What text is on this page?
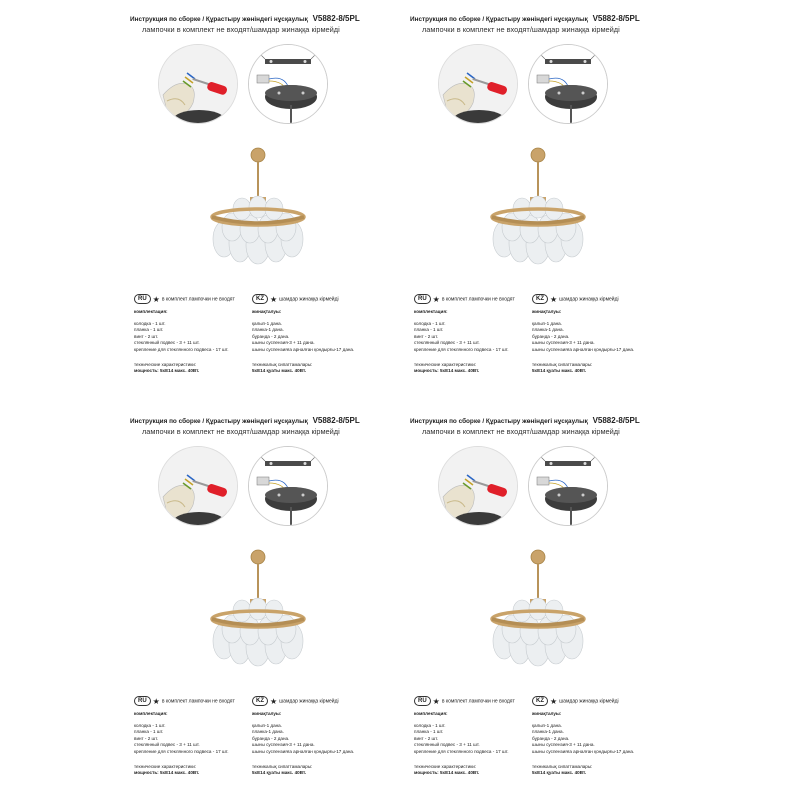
Инструкция по сборке / Құрастыру жөніндегі нұсқаулық V5882-8/5PL
лампочки в комплект не входят/шамдар жинаққа кірмейді
RU ★ в комплект лампочки не входят	KZ ★ шамдар жинаққа кірмейді
комплектация:
колодка - 1 шт.
планка - 1 шт.
винт - 2 шт.
стеклянный подвес - 3 + 11 шт.
крепление для стеклянного подвеса - 17 шт.
технические характеристики:
мощность: 5хE14 макс. 40Вт.
жинақталуы:
қалып-1 дана.
планка-1 дана.
бұрандa - 2 дана.
шыны суспензия-3 + 11 дана.
шыны суспензияға арналған қондырғы-17 дана.
техникалық сипаттамалары:
5хE14 қуаты макс. 40Вт.
Инструкция по сборке / Құрастыру жөніндегі нұсқаулық V5882-8/5PL
лампочки в комплект не входят/шамдар жинаққа кірмейді
RU ★ в комплект лампочки не входят	KZ ★ шамдар жинаққа кірмейді
комплектация:
колодка - 1 шт.
планка - 1 шт.
винт - 2 шт.
стеклянный подвес - 3 + 11 шт.
крепление для стеклянного подвеса - 17 шт.
технические характеристики:
мощность: 5хE14 макс. 40Вт.
жинақталуы:
қалып-1 дана.
планка-1 дана.
бұрандa - 2 дана.
шыны суспензия-3 + 11 дана.
шыны суспензияға арналған қондырғы-17 дана.
техникалық сипаттамалары:
5хE14 қуаты макс. 40Вт.
Инструкция по сборке / Құрастыру жөніндегі нұсқаулық V5882-8/5PL
лампочки в комплект не входят/шамдар жинаққа кірмейді
RU ★ в комплект лампочки не входят	KZ ★ шамдар жинаққа кірмейді
комплектация:
колодка - 1 шт.
планка - 1 шт.
винт - 2 шт.
стеклянный подвес - 3 + 11 шт.
крепление для стеклянного подвеса - 17 шт.
технические характеристики:
мощность: 5хE14 макс. 40Вт.
жинақталуы:
қалып-1 дана.
планка-1 дана.
бұрандa - 2 дана.
шыны суспензия-3 + 11 дана.
шыны суспензияға арналған қондырғы-17 дана.
техникалық сипаттамалары:
5хE14 қуаты макс. 40Вт.
Инструкция по сборке / Құрастыру жөніндегі нұсқаулық V5882-8/5PL
лампочки в комплект не входят/шамдар жинаққа кірмейді
RU ★ в комплект лампочки не входят	KZ ★ шамдар жинаққа кірмейді
комплектация:
колодка - 1 шт.
планка - 1 шт.
винт - 2 шт.
стеклянный подвес - 3 + 11 шт.
крепление для стеклянного подвеса - 17 шт.
технические характеристики:
мощность: 5хE14 макс. 40Вт.
жинақталуы:
қалып-1 дана.
планка-1 дана.
бұрандa - 2 дана.
шыны суспензия-3 + 11 дана.
шыны суспензияға арналған қондырғы-17 дана.
техникалық сипаттамалары:
5хE14 қуаты макс. 40Вт.
